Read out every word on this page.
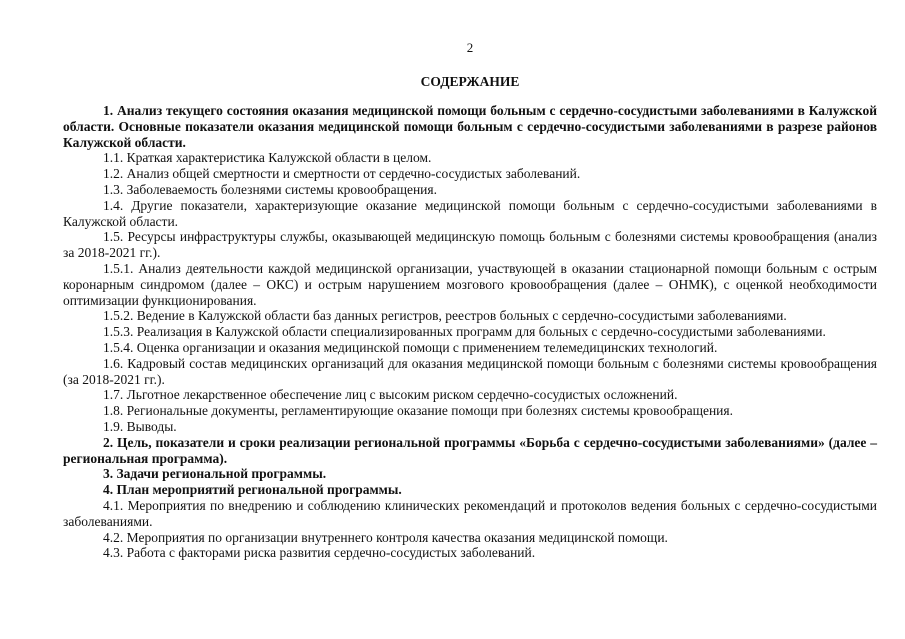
2
СОДЕРЖАНИЕ

1. Анализ текущего состояния оказания медицинской помощи больным с сердечно-сосудистыми заболеваниями в Калужской области. Основные показатели оказания медицинской помощи больным с сердечно-сосудистыми заболеваниями в разрезе районов Калужской области.

1.1. Краткая характеристика Калужской области в целом.

1.2. Анализ общей смертности и смертности от сердечно-сосудистых заболеваний.

1.3. Заболеваемость болезнями системы кровообращения.

1.4. Другие показатели, характеризующие оказание медицинской помощи больным с сердечно-сосудистыми заболеваниями в Калужской области.

1.5. Ресурсы инфраструктуры службы, оказывающей медицинскую помощь больным с болезнями системы кровообращения (анализ за 2018-2021 гг.).

1.5.1. Анализ деятельности каждой медицинской организации, участвующей в оказании стационарной помощи больным с острым коронарным синдромом (далее – ОКС) и острым нарушением мозгового кровообращения (далее – ОНМК), с оценкой необходимости оптимизации функционирования.

1.5.2. Ведение в Калужской области баз данных регистров, реестров больных с сердечно-сосудистыми заболеваниями.

1.5.3. Реализация в Калужской области специализированных программ для больных с сердечно-сосудистыми заболеваниями.

1.5.4. Оценка организации и оказания медицинской помощи с применением телемедицинских технологий.

1.6. Кадровый состав медицинских организаций для оказания медицинской помощи больным с болезнями системы кровообращения (за 2018-2021 гг.).

1.7. Льготное лекарственное обеспечение лиц с высоким риском сердечно-сосудистых осложнений.

1.8. Региональные документы, регламентирующие оказание помощи при болезнях системы кровообращения.

1.9. Выводы.

2. Цель, показатели и сроки реализации региональной программы «Борьба с сердечно-сосудистыми заболеваниями» (далее – региональная программа).

3. Задачи региональной программы.

4. План мероприятий региональной программы.

4.1. Мероприятия по внедрению и соблюдению клинических рекомендаций и протоколов ведения больных с сердечно-сосудистыми заболеваниями.

4.2. Мероприятия по организации внутреннего контроля качества оказания медицинской помощи.

4.3. Работа с факторами риска развития сердечно-сосудистых заболеваний.
